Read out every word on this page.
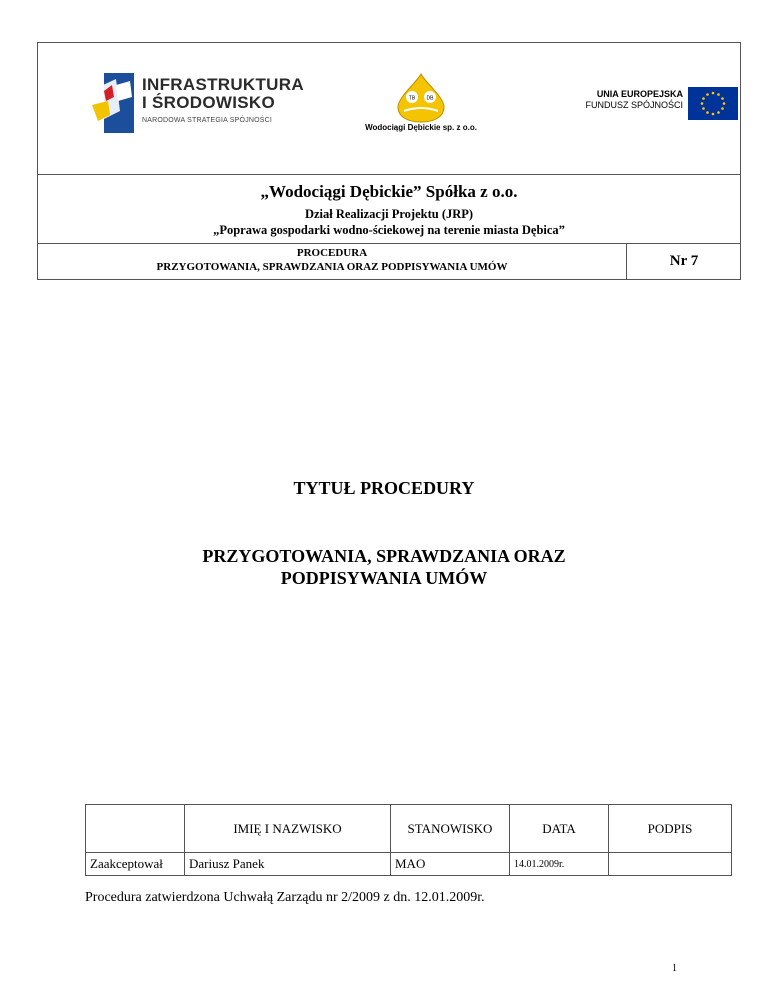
INFRASTRUKTURA
I ŚRODOWISKO
NARODOWA STRATEGIA SPÓJNOŚCI
TB DB
Wodociągi Dębickie sp. z o.o.
UNIA EUROPEJSKA
FUNDUSZ SPÓJNOŚCI
„Wodociągi Dębickie” Spółka z o.o.
Dział Realizacji Projektu (JRP)
„Poprawa gospodarki wodno-ściekowej na terenie miasta Dębica”
PROCEDURA
PRZYGOTOWANIA, SPRAWDZANIA ORAZ PODPISYWANIA UMÓW	Nr 7
TYTUŁ PROCEDURY
PRZYGOTOWANIA, SPRAWDZANIA ORAZ
PODPISYWANIA UMÓW
	IMIĘ I NAZWISKO	STANOWISKO	DATA	PODPIS
Zaakceptował	Dariusz Panek	MAO	14.01.2009r.	
Procedura zatwierdzona Uchwałą Zarządu nr 2/2009 z dn. 12.01.2009r.
1
